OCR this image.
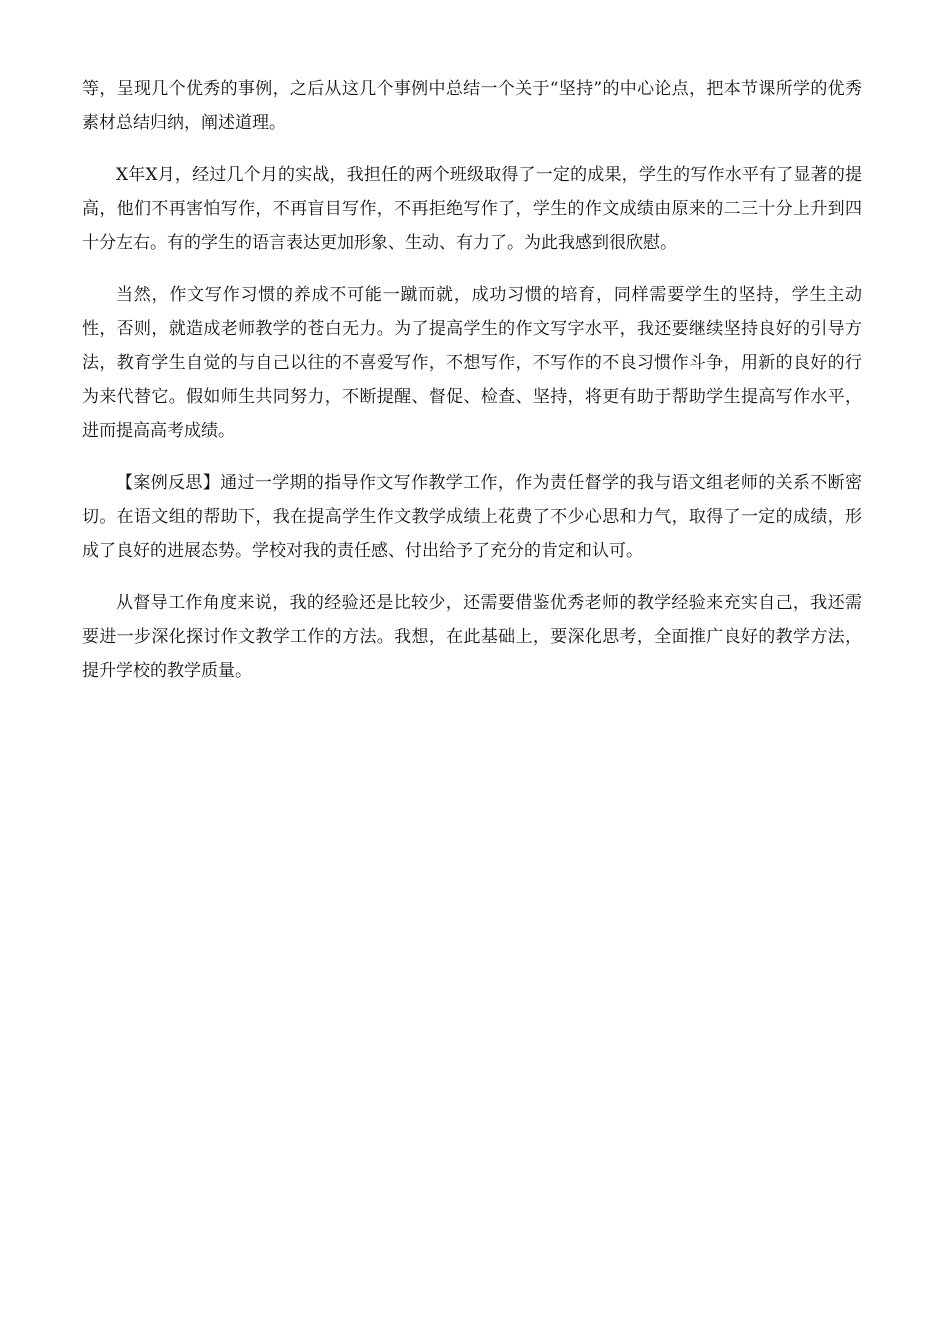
等，呈现几个优秀的事例，之后从这几个事例中总结一个关于“坚持”的中心论点，把本节课所学的优秀素材总结归纳，阐述道理。

X年X月，经过几个月的实战，我担任的两个班级取得了一定的成果，学生的写作水平有了显著的提高，他们不再害怕写作，不再盲目写作，不再拒绝写作了，学生的作文成绩由原来的二三十分上升到四十分左右。有的学生的语言表达更加形象、生动、有力了。为此我感到很欣慰。

当然，作文写作习惯的养成不可能一蹴而就，成功习惯的培育，同样需要学生的坚持，学生主动性，否则，就造成老师教学的苍白无力。为了提高学生的作文写字水平，我还要继续坚持良好的引导方法，教育学生自觉的与自己以往的不喜爱写作，不想写作，不写作的不良习惯作斗争，用新的良好的行为来代替它。假如师生共同努力，不断提醒、督促、检查、坚持，将更有助于帮助学生提高写作水平，进而提高高考成绩。

【案例反思】通过一学期的指导作文写作教学工作，作为责任督学的我与语文组老师的关系不断密切。在语文组的帮助下，我在提高学生作文教学成绩上花费了不少心思和力气，取得了一定的成绩，形成了良好的进展态势。学校对我的责任感、付出给予了充分的肯定和认可。

从督导工作角度来说，我的经验还是比较少，还需要借鉴优秀老师的教学经验来充实自己，我还需要进一步深化探讨作文教学工作的方法。我想，在此基础上，要深化思考，全面推广良好的教学方法，提升学校的教学质量。
